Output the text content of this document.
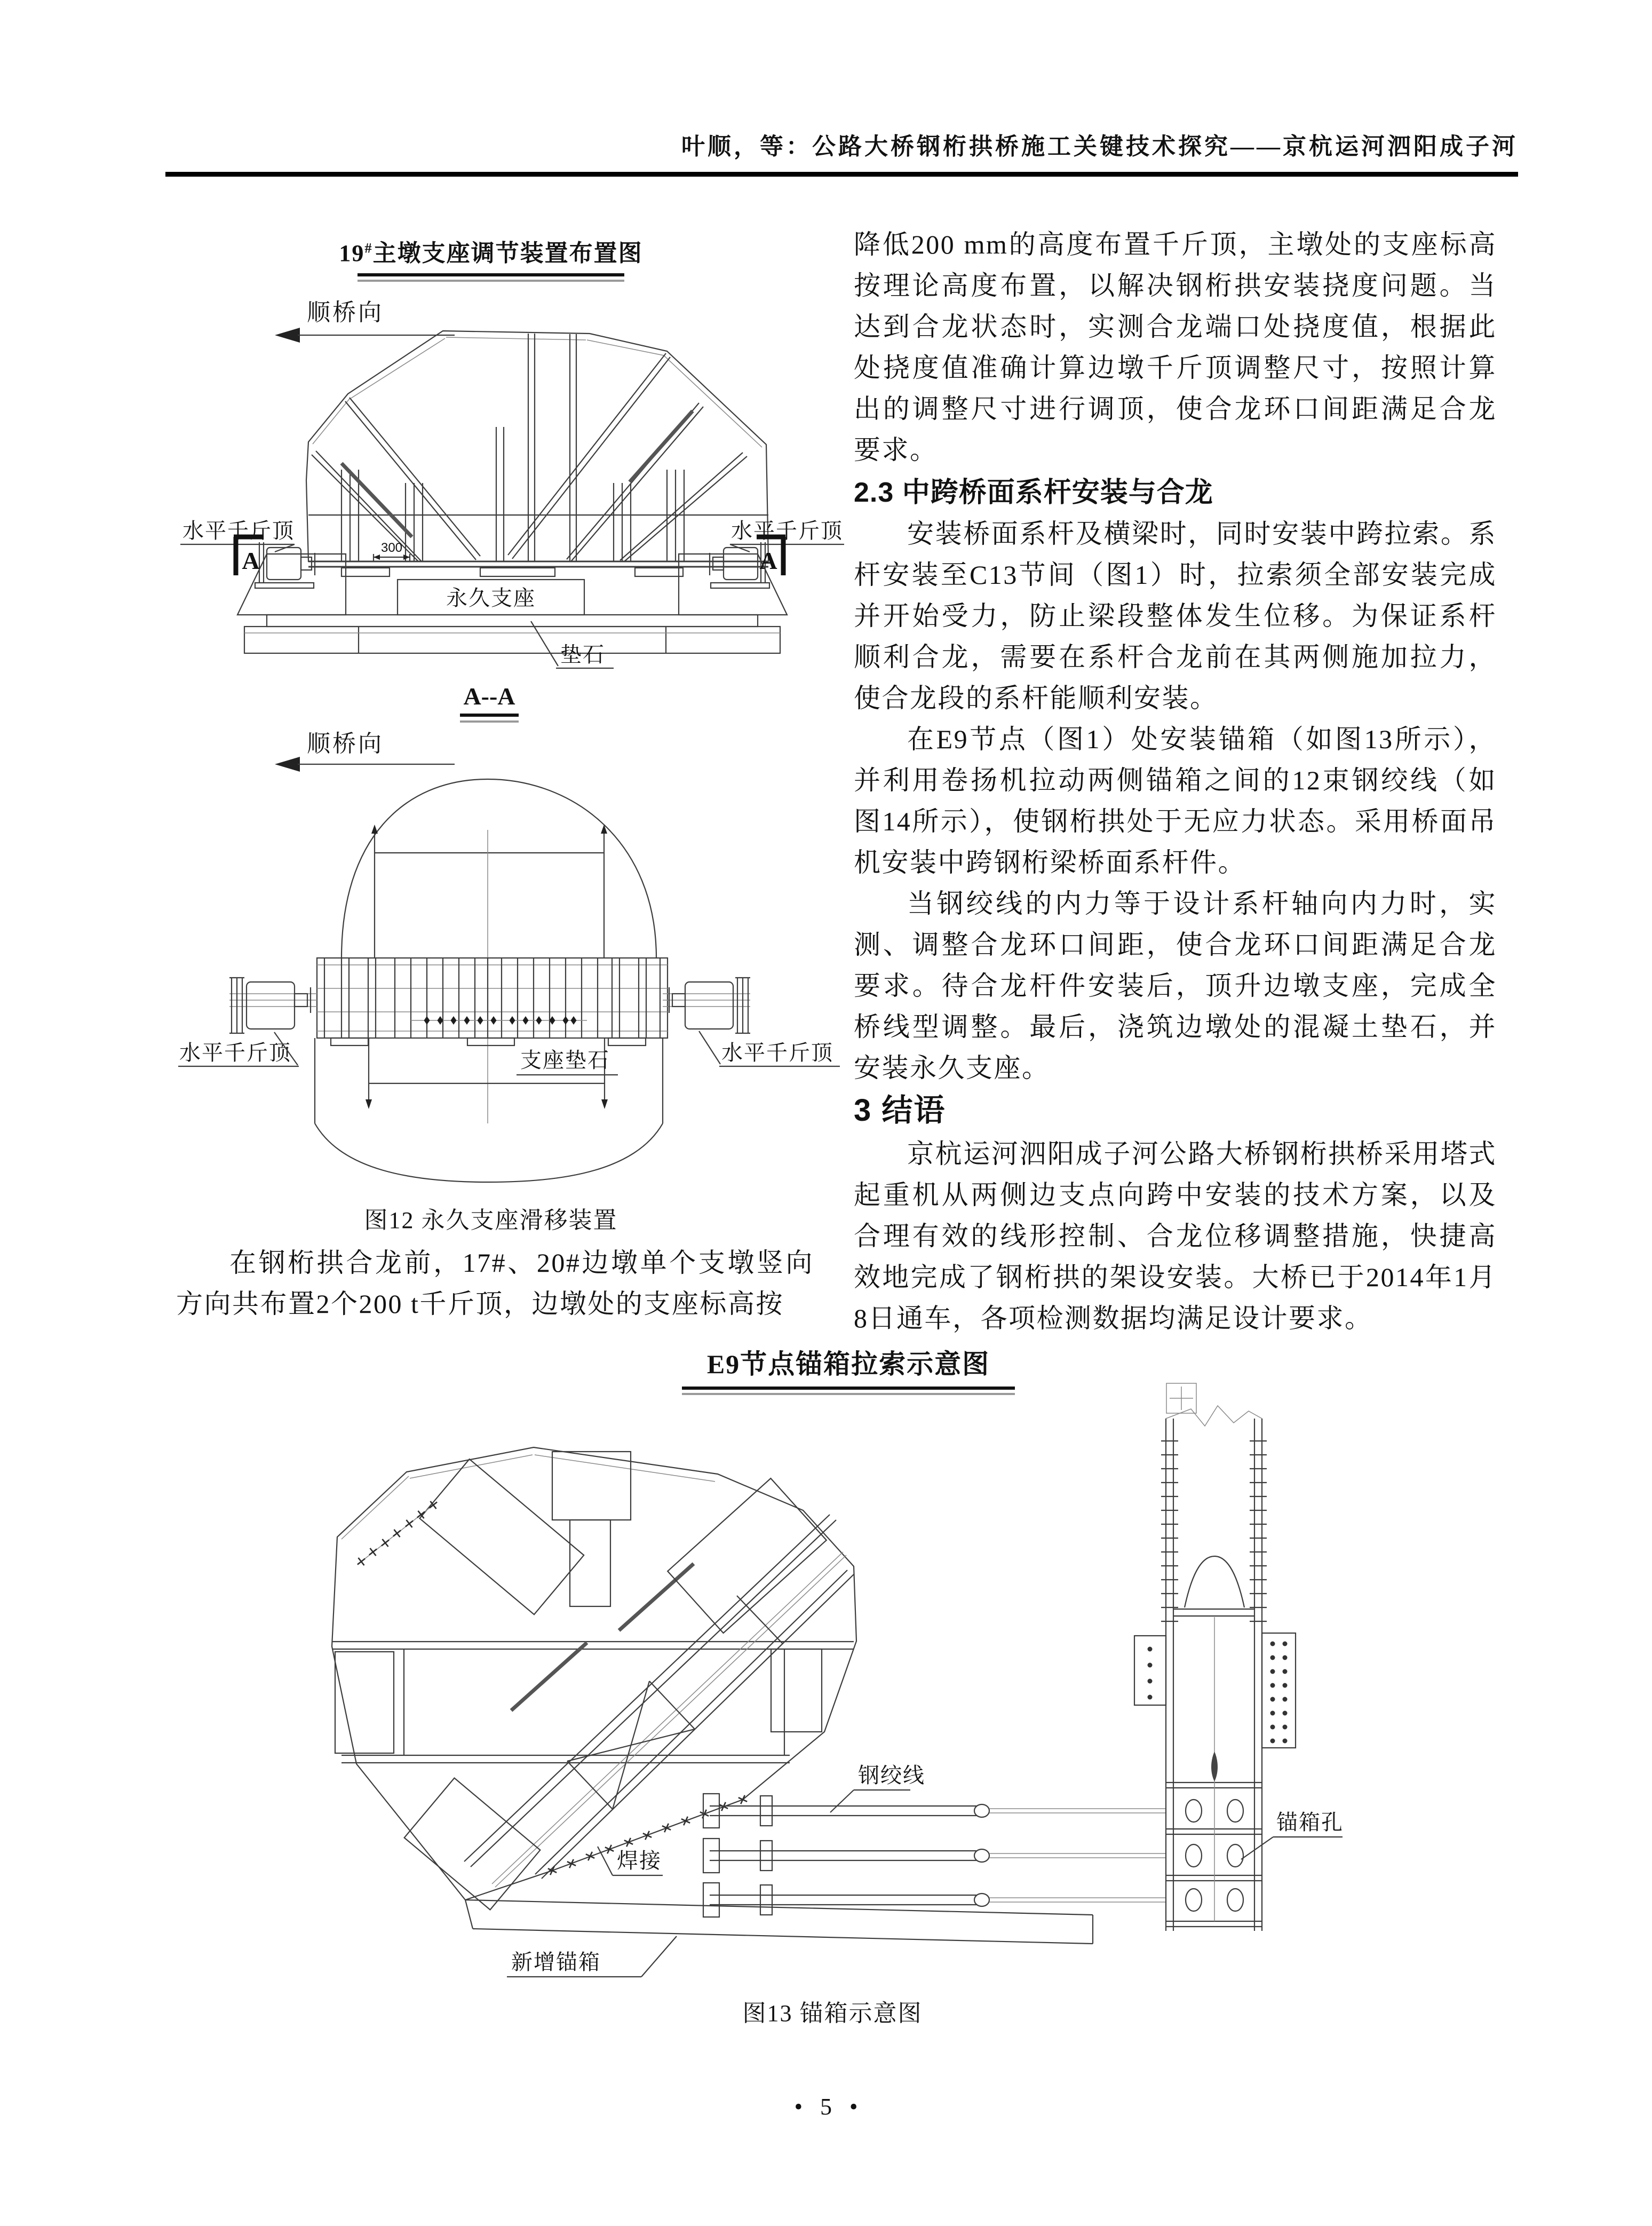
叶顺，等：公路大桥钢桁拱桥施工关键技术探究——京杭运河泗阳成子河
19#主墩支座调节装置布置图
顺桥向
300
永久支座
水平千斤顶	水平千斤顶
A	A
垫石
A--A
顺桥向
水平千斤顶	水平千斤顶
支座垫石
图12 永久支座滑移装置
在钢桁拱合龙前，17#、20#边墩单个支墩竖向方向共布置2个200 t千斤顶，边墩处的支座标高按

降低200 mm的高度布置千斤顶，主墩处的支座标高按理论高度布置，以解决钢桁拱安装挠度问题。当达到合龙状态时，实测合龙端口处挠度值，根据此处挠度值准确计算边墩千斤顶调整尺寸，按照计算出的调整尺寸进行调顶，使合龙环口间距满足合龙要求。

2.3 中跨桥面系杆安装与合龙

安装桥面系杆及横梁时，同时安装中跨拉索。系杆安装至C13节间（图1）时，拉索须全部安装完成并开始受力，防止梁段整体发生位移。为保证系杆顺利合龙，需要在系杆合龙前在其两侧施加拉力，使合龙段的系杆能顺利安装。

在E9节点（图1）处安装锚箱（如图13所示），并利用卷扬机拉动两侧锚箱之间的12束钢绞线（如图14所示），使钢桁拱处于无应力状态。采用桥面吊机安装中跨钢桁梁桥面系杆件。

当钢绞线的内力等于设计系杆轴向内力时，实测、调整合龙环口间距，使合龙环口间距满足合龙要求。待合龙杆件安装后，顶升边墩支座，完成全桥线型调整。最后，浇筑边墩处的混凝土垫石，并安装永久支座。

3 结语

京杭运河泗阳成子河公路大桥钢桁拱桥采用塔式起重机从两侧边支点向跨中安装的技术方案，以及合理有效的线形控制、合龙位移调整措施，快捷高效地完成了钢桁拱的架设安装。大桥已于2014年1月8日通车，各项检测数据均满足设计要求。

E9节点锚箱拉索示意图
钢绞线
焊接
新增锚箱
锚箱孔
图13 锚箱示意图
• 5 •
